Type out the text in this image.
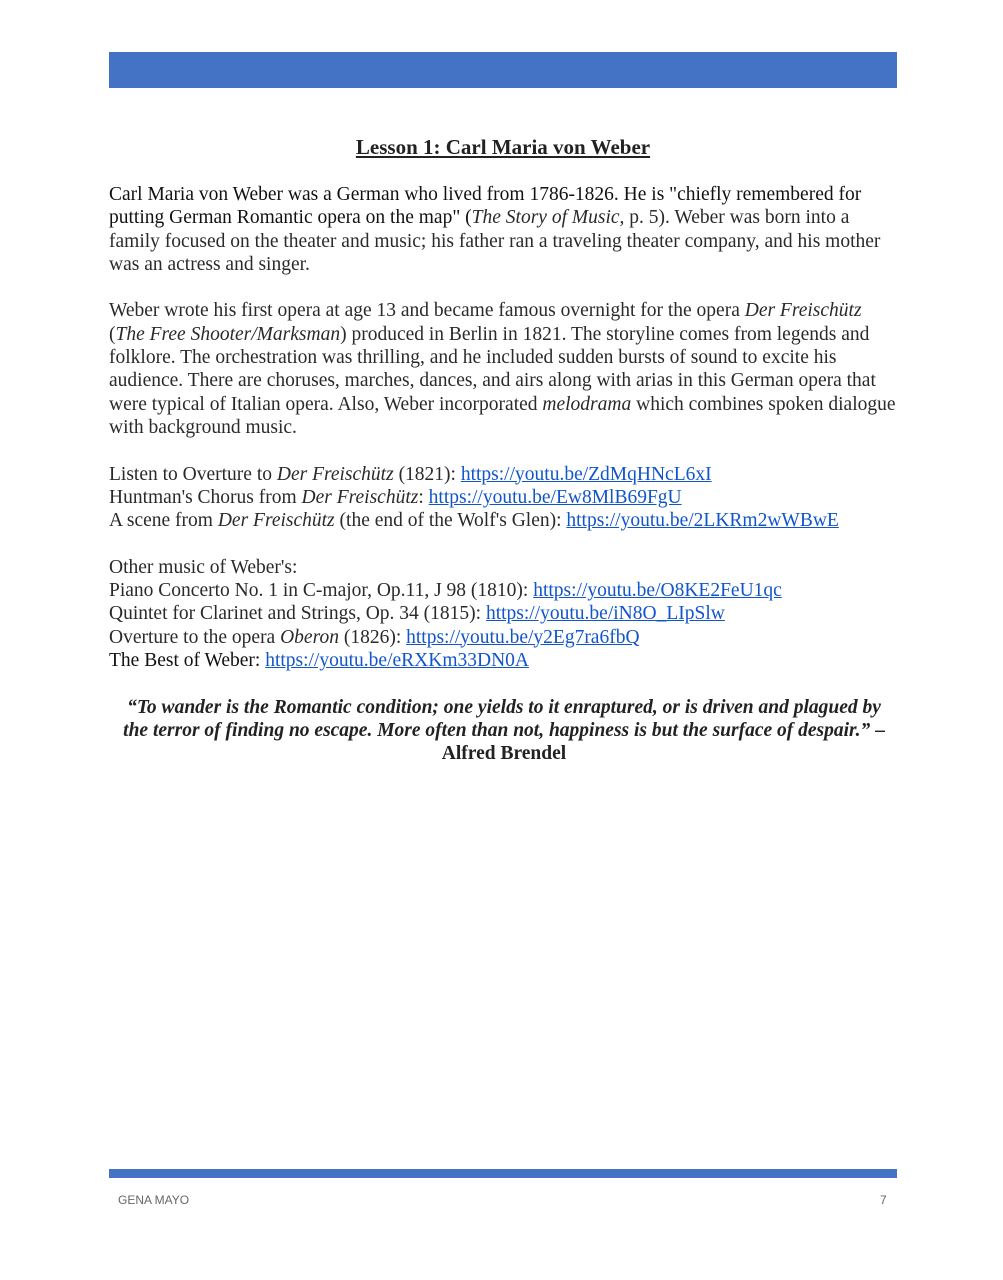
Lesson 1: Carl Maria von Weber

Carl Maria von Weber was a German who lived from 1786-1826. He is "chiefly remembered for putting German Romantic opera on the map" (The Story of Music, p. 5). Weber was born into a family focused on the theater and music; his father ran a traveling theater company, and his mother was an actress and singer.

Weber wrote his first opera at age 13 and became famous overnight for the opera Der Freischütz (The Free Shooter/Marksman) produced in Berlin in 1821. The storyline comes from legends and folklore. The orchestration was thrilling, and he included sudden bursts of sound to excite his audience. There are choruses, marches, dances, and airs along with arias in this German opera that were typical of Italian opera. Also, Weber incorporated melodrama which combines spoken dialogue with background music.

Listen to Overture to Der Freischütz (1821): https://youtu.be/ZdMqHNcL6xI
Huntman's Chorus from Der Freischütz: https://youtu.be/Ew8MlB69FgU
A scene from Der Freischütz (the end of the Wolf's Glen): https://youtu.be/2LKRm2wWBwE

Other music of Weber's:
Piano Concerto No. 1 in C-major, Op.11, J 98 (1810): https://youtu.be/O8KE2FeU1qc
Quintet for Clarinet and Strings, Op. 34 (1815): https://youtu.be/iN8O_LIpSlw
Overture to the opera Oberon (1826): https://youtu.be/y2Eg7ra6fbQ
The Best of Weber: https://youtu.be/eRXKm33DN0A

“To wander is the Romantic condition; one yields to it enraptured, or is driven and plagued by the terror of finding no escape. More often than not, happiness is but the surface of despair.” –Alfred Brendel

GENA MAYO	7
